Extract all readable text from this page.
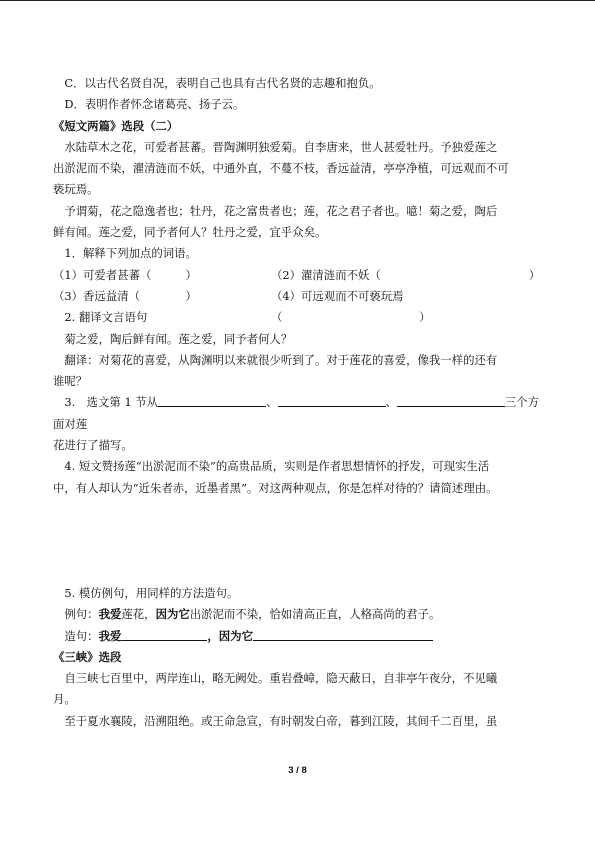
C．以古代名贤自况，表明自己也具有古代名贤的志趣和抱负。

D．表明作者怀念诸葛亮、扬子云。

《短文两篇》选段（二）

水陆草木之花，可爱者甚蕃。晋陶渊明独爱菊。自李唐来，世人甚爱牡丹。予独爱莲之

出淤泥而不染，濯清涟而不妖，中通外直，不蔓不枝，香远益清，亭亭净植，可远观而不可

亵玩焉。

予谓菊，花之隐逸者也；牡丹，花之富贵者也；莲，花之君子者也。噫！菊之爱，陶后

鲜有闻。莲之爱，同予者何人？牡丹之爱，宜乎众矣。

1．解释下列加点的词语。

（1）可爱者甚蕃（　　　）	（2）濯清涟而不妖（　　　　　　　　　　　　　）
（3）香远益清（　　　　）	（4）可远观而不可亵玩焉（　　　　　　　　　　　　）

2. 翻译文言语句

菊之爱，陶后鲜有闻。莲之爱，同予者何人？

翻译：对菊花的喜爱，从陶渊明以来就很少听到了。对于莲花的喜爱，像我一样的还有

谁呢？

3.　选文第 1 节从	、	、	三个方面对莲

花进行了描写。

4. 短文赞扬莲“出淤泥而不染”的高贵品质，实则是作者思想情怀的抒发，可现实生活

中，有人却认为“近朱者赤，近墨者黑”。对这两种观点，你是怎样对待的？请简述理由。

5. 模仿例句，用同样的方法造句。

例句：我爱莲花，因为它出淤泥而不染，恰如清高正直，人格高尚的君子。

造句：我爱	，因为它

《三峡》选段

自三峡七百里中，两岸连山，略无阙处。重岩叠嶂，隐天蔽日，自非亭午夜分，不见曦

月。

至于夏水襄陵，沿溯阻绝。或王命急宣，有时朝发白帝，暮到江陵，其间千二百里，虽

3 / 8
